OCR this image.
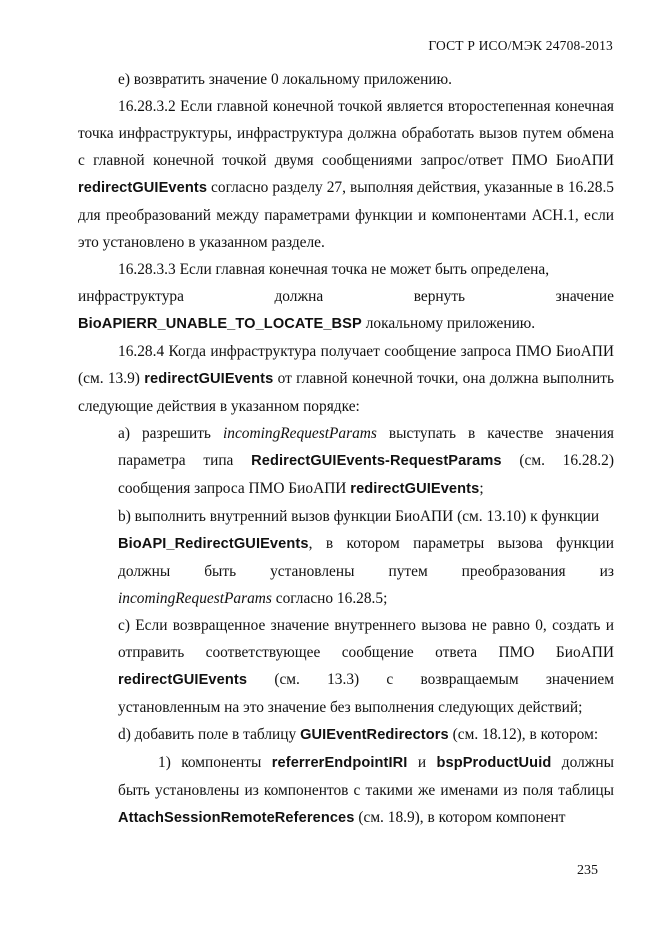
ГОСТ Р ИСО/МЭК 24708-2013

е) возвратить значение 0 локальному приложению.

16.28.3.2 Если главной конечной точкой является второстепенная конечная точка инфраструктуры, инфраструктура должна обработать вызов путем обмена с главной конечной точкой двумя сообщениями запрос/ответ ПМО БиоАПИ redirectGUIEvents согласно разделу 27, выполняя действия, указанные в 16.28.5 для преобразований между параметрами функции и компонентами АСН.1, если это установлено в указанном разделе.

16.28.3.3 Если главная конечная точка не может быть определена,

инфраструктура	должна	вернуть	значение

BioAPIERR_UNABLE_TO_LOCATE_BSP локальному приложению.

16.28.4 Когда инфраструктура получает сообщение запроса ПМО БиоАПИ (см. 13.9) redirectGUIEvents от главной конечной точки, она должна выполнить следующие действия в указанном порядке:

а) разрешить incomingRequestParams выступать в качестве значения параметра типа RedirectGUIEvents-RequestParams (см. 16.28.2) сообщения запроса ПМО БиоАПИ redirectGUIEvents;

b) выполнить внутренний вызов функции БиоАПИ (см. 13.10) к функции

BioAPI_RedirectGUIEvents, в котором параметры вызова функции

должны быть установлены путем преобразования из

incomingRequestParams согласно 16.28.5;

с) Если возвращенное значение внутреннего вызова не равно 0, создать и

отправить соответствующее сообщение ответа ПМО БиоАПИ

redirectGUIEvents (см. 13.3) с возвращаемым значением

установленным на это значение без выполнения следующих действий;

d) добавить поле в таблицу GUIEventRedirectors (см. 18.12), в котором:

1) компоненты referrerEndpointIRI и bspProductUuid должны быть установлены из компонентов с такими же именами из поля таблицы AttachSessionRemoteReferences (см. 18.9), в котором компонент

235
